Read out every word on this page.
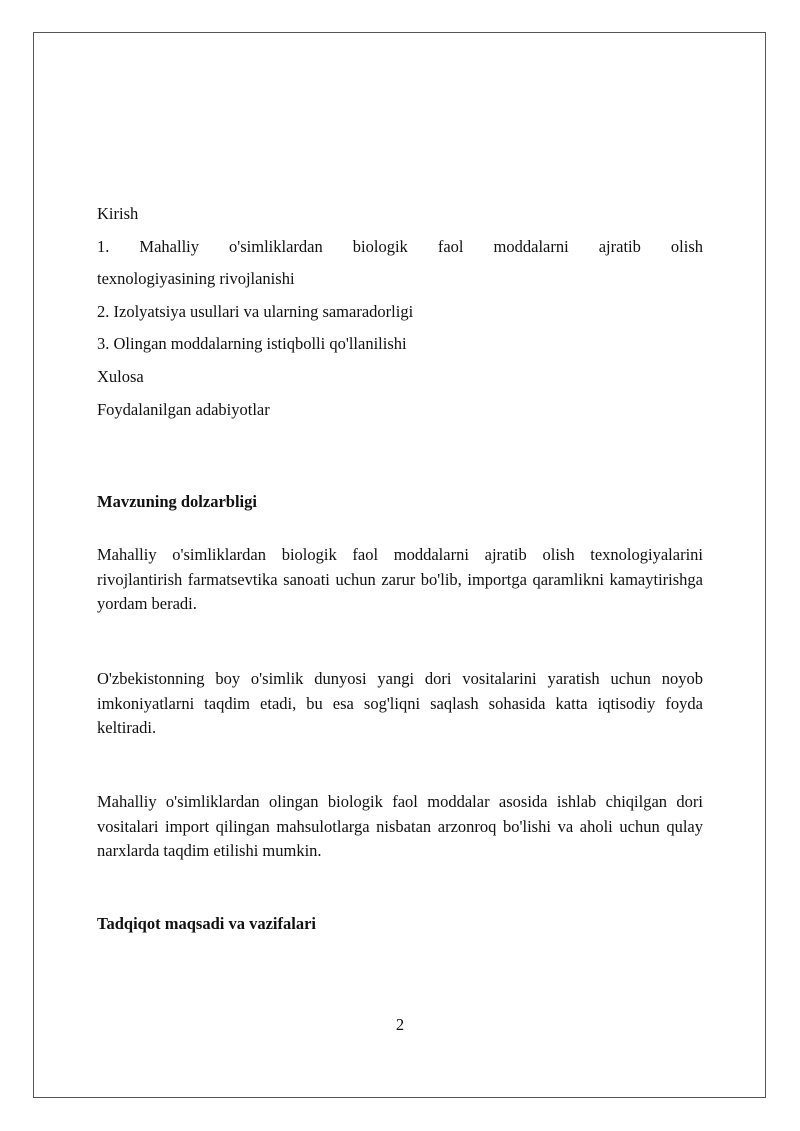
Kirish

1. Mahalliy o'simliklardan biologik faol moddalarni ajratib olish

texnologiyasining rivojlanishi

2. Izolyatsiya usullari va ularning samaradorligi

3. Olingan moddalarning istiqbolli qo'llanilishi

Xulosa

Foydalanilgan adabiyotlar

Mavzuning dolzarbligi

Mahalliy o'simliklardan biologik faol moddalarni ajratib olish texnologiyalarini rivojlantirish farmatsevtika sanoati uchun zarur bo'lib, importga qaramlikni kamaytirishga yordam beradi.

O'zbekistonning boy o'simlik dunyosi yangi dori vositalarini yaratish uchun noyob imkoniyatlarni taqdim etadi, bu esa sog'liqni saqlash sohasida katta iqtisodiy foyda keltiradi.

Mahalliy o'simliklardan olingan biologik faol moddalar asosida ishlab chiqilgan dori vositalari import qilingan mahsulotlarga nisbatan arzonroq bo'lishi va aholi uchun qulay narxlarda taqdim etilishi mumkin.

Tadqiqot maqsadi va vazifalari
2
